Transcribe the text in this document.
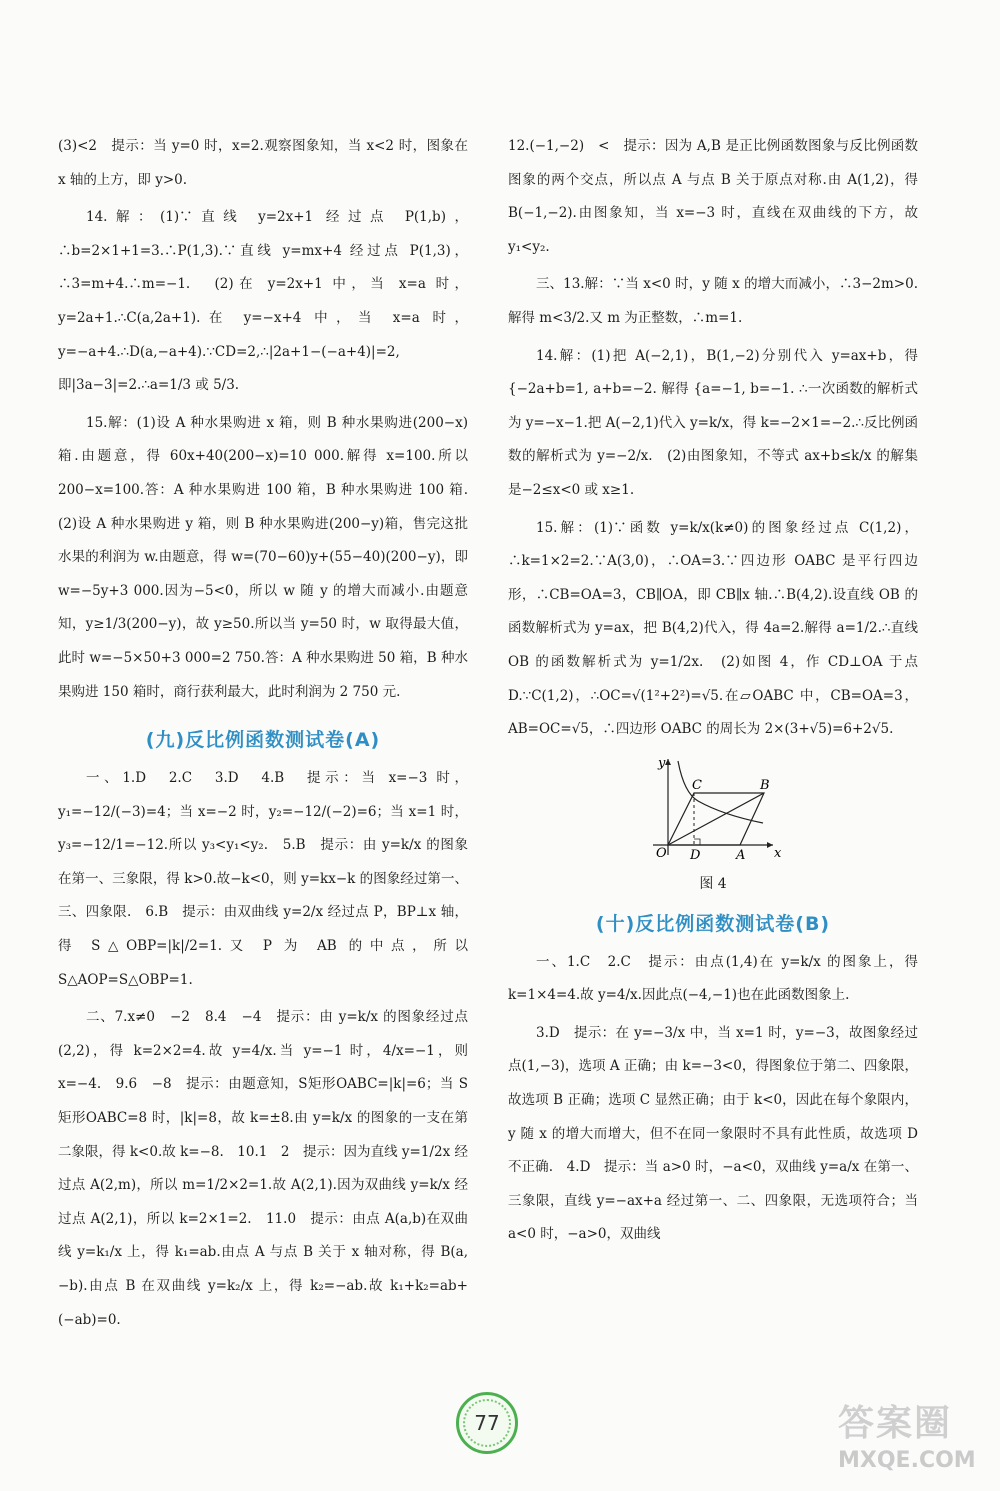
(3)<2　提示：当 y=0 时，x=2.观察图象知，当 x<2 时，图象在 x 轴的上方，即 y>0.

14.解：(1)∵直线 y=2x+1 经过点 P(1,b)，∴b=2×1+1=3.∴P(1,3).∵直线 y=mx+4 经过点 P(1,3)，∴3=m+4.∴m=−1.　(2)在 y=2x+1 中，当 x=a 时，y=2a+1.∴C(a,2a+1).在 y=−x+4 中，当 x=a 时，y=−a+4.∴D(a,−a+4).∵CD=2,∴|2a+1−(−a+4)|=2,即|3a−3|=2.∴a=1/3 或 5/3.

15.解：(1)设 A 种水果购进 x 箱，则 B 种水果购进(200−x)箱.由题意，得 60x+40(200−x)=10 000.解得 x=100.所以 200−x=100.答：A 种水果购进 100 箱，B 种水果购进 100 箱.　(2)设 A 种水果购进 y 箱，则 B 种水果购进(200−y)箱，售完这批水果的利润为 w.由题意，得 w=(70−60)y+(55−40)(200−y)，即 w=−5y+3 000.因为−5<0，所以 w 随 y 的增大而减小.由题意知，y≥1/3(200−y)，故 y≥50.所以当 y=50 时，w 取得最大值，此时 w=−5×50+3 000=2 750.答：A 种水果购进 50 箱，B 种水果购进 150 箱时，商行获利最大，此时利润为 2 750 元.

(九)反比例函数测试卷(A)

一、1.D　2.C　3.D　4.B　提示：当 x=−3 时，y₁=−12/(−3)=4；当 x=−2 时，y₂=−12/(−2)=6；当 x=1 时，y₃=−12/1=−12.所以 y₃<y₁<y₂.　5.B　提示：由 y=k/x 的图象在第一、三象限，得 k>0.故−k<0，则 y=kx−k 的图象经过第一、三、四象限.　6.B　提示：由双曲线 y=2/x 经过点 P，BP⊥x 轴，得 S△OBP=|k|/2=1.又 P 为 AB 的中点，所以 S△AOP=S△OBP=1.

二、7.x≠0　−2　8.4　−4　提示：由 y=k/x 的图象经过点(2,2)，得 k=2×2=4.故 y=4/x.当 y=−1 时，4/x=−1，则 x=−4.　9.6　−8　提示：由题意知，S矩形OABC=|k|=6；当 S矩形OABC=8 时，|k|=8，故 k=±8.由 y=k/x 的图象的一支在第二象限，得 k<0.故 k=−8.　10.1　2　提示：因为直线 y=1/2x 经过点 A(2,m)，所以 m=1/2×2=1.故 A(2,1).因为双曲线 y=k/x 经过点 A(2,1)，所以 k=2×1=2.　11.0　提示：由点 A(a,b)在双曲线 y=k₁/x 上，得 k₁=ab.由点 A 与点 B 关于 x 轴对称，得 B(a,−b).由点 B 在双曲线 y=k₂/x 上，得 k₂=−ab.故 k₁+k₂=ab+(−ab)=0.

12.(−1,−2)　<　提示：因为 A,B 是正比例函数图象与反比例函数图象的两个交点，所以点 A 与点 B 关于原点对称.由 A(1,2)，得 B(−1,−2).由图象知，当 x=−3 时，直线在双曲线的下方，故 y₁<y₂.

三、13.解：∵当 x<0 时，y 随 x 的增大而减小，∴3−2m>0.解得 m<3/2.又 m 为正整数，∴m=1.

14.解：(1)把 A(−2,1)，B(1,−2)分别代入 y=ax+b，得 {−2a+b=1, a+b=−2. 解得 {a=−1, b=−1. ∴一次函数的解析式为 y=−x−1.把 A(−2,1)代入 y=k/x，得 k=−2×1=−2.∴反比例函数的解析式为 y=−2/x.　(2)由图象知，不等式 ax+b≤k/x 的解集是−2≤x<0 或 x≥1.

15.解：(1)∵函数 y=k/x(k≠0)的图象经过点 C(1,2)，∴k=1×2=2.∵A(3,0)，∴OA=3.∵四边形 OABC 是平行四边形，∴CB=OA=3，CB∥OA，即 CB∥x 轴.∴B(4,2).设直线 OB 的函数解析式为 y=ax，把 B(4,2)代入，得 4a=2.解得 a=1/2.∴直线 OB 的函数解析式为 y=1/2x.　(2)如图 4，作 CD⊥OA 于点 D.∵C(1,2)，∴OC=√(1²+2²)=√5.在▱OABC 中，CB=OA=3，AB=OC=√5，∴四边形 OABC 的周长为 2×(3+√5)=6+2√5.

y
x
O D	A
C	B
图 4
(十)反比例函数测试卷(B)

一、1.C　2.C　提示：由点(1,4)在 y=k/x 的图象上，得 k=1×4=4.故 y=4/x.因此点(−4,−1)也在此函数图象上.

3.D　提示：在 y=−3/x 中，当 x=1 时，y=−3，故图象经过点(1,−3)，选项 A 正确；由 k=−3<0，得图象位于第二、四象限，故选项 B 正确；选项 C 显然正确；由于 k<0，因此在每个象限内，y 随 x 的增大而增大，但不在同一象限时不具有此性质，故选项 D 不正确.　4.D　提示：当 a>0 时，−a<0，双曲线 y=a/x 在第一、三象限，直线 y=−ax+a 经过第一、二、四象限，无选项符合；当 a<0 时，−a>0，双曲线

77	答案圈
MXQE.COM
